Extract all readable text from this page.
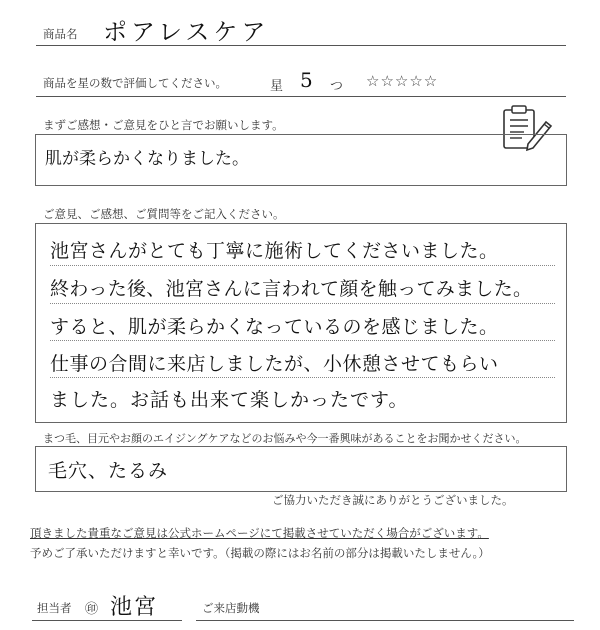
商品名 ポアレスケア
商品を星の数で評価してください。	星 5 つ ☆☆☆☆☆
まずご感想・ご意見をひと言でお願いします。
肌が柔らかくなりました。
ご意見、ご感想、ご質問等をご記入ください。
池宮さんがとても丁寧に施術してくださいました。
終わった後、池宮さんに言われて顔を触ってみました。
すると、肌が柔らかくなっているのを感じました。
仕事の合間に来店しましたが、小休憩させてもらい
ました。お話も出来て楽しかったです。
まつ毛、目元やお顔のエイジングケアなどのお悩みや今一番興味があることをお聞かせください。
毛穴、たるみ
ご協力いただき誠にありがとうございました。
頂きました貴重なご意見は公式ホームページにて掲載させていただく場合がございます。
予めご了承いただけますと幸いです。（掲載の際にはお名前の部分は掲載いたしません。）
担当者 ㊞ 池宮	ご来店動機
